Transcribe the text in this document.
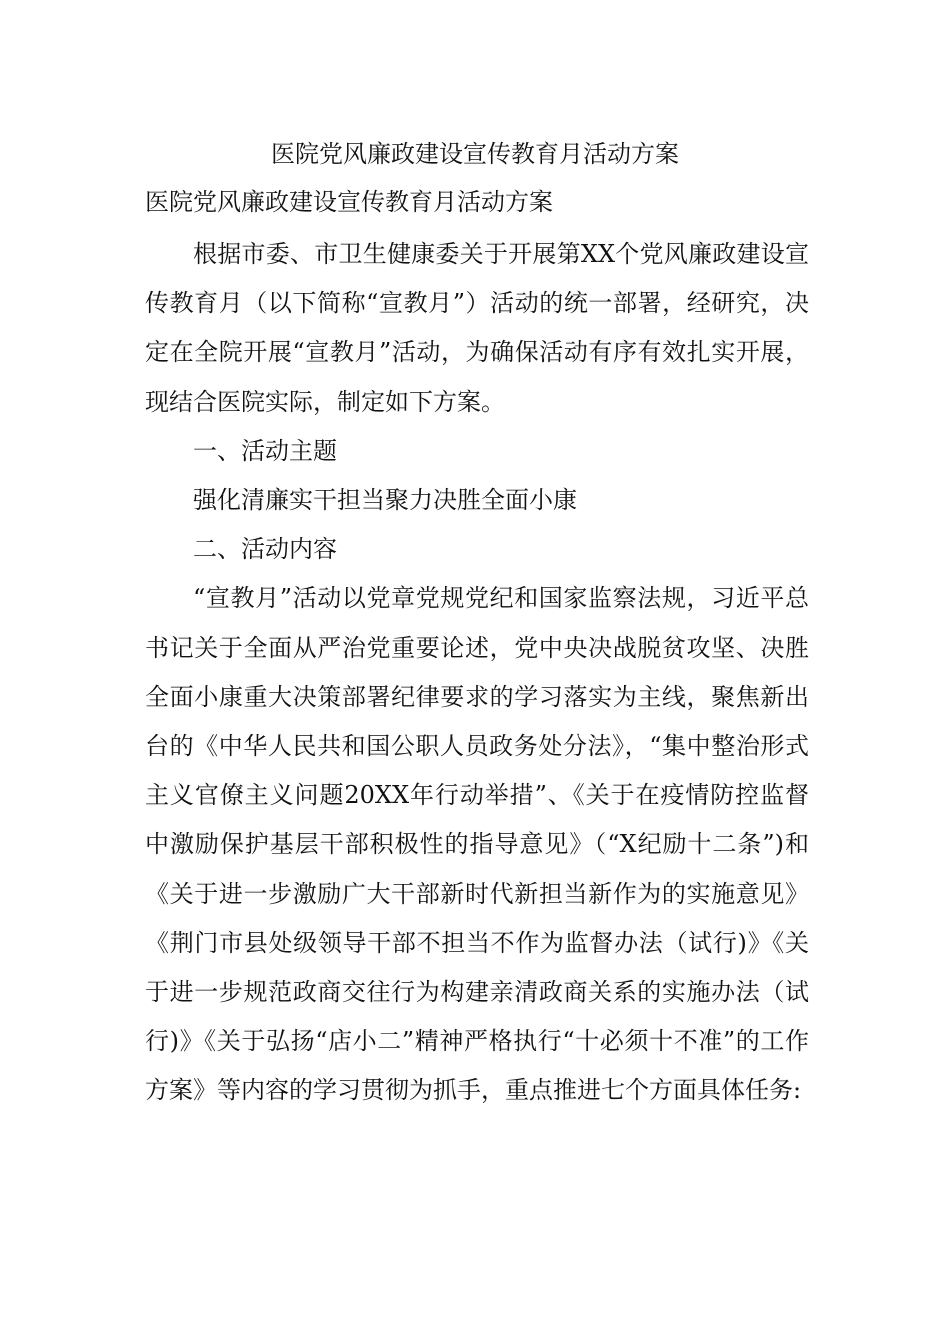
医院党风廉政建设宣传教育月活动方案
医院党风廉政建设宣传教育月活动方案

根据市委、市卫生健康委关于开展第XX个党风廉政建设宣传教育月（以下简称“宣教月”）活动的统一部署，经研究，决定在全院开展“宣教月”活动，为确保活动有序有效扎实开展，现结合医院实际，制定如下方案。

一、活动主题

强化清廉实干担当聚力决胜全面小康

二、活动内容

“宣教月”活动以党章党规党纪和国家监察法规，习近平总书记关于全面从严治党重要论述，党中央决战脱贫攻坚、决胜全面小康重大决策部署纪律要求的学习落实为主线，聚焦新出台的《中华人民共和国公职人员政务处分法》，“集中整治形式主义官僚主义问题20XX年行动举措”、《关于在疫情防控监督中激励保护基层干部积极性的指导意见》（“X纪励十二条”)和《关于进一步激励广大干部新时代新担当新作为的实施意见》《荆门市县处级领导干部不担当不作为监督办法（试行)》《关于进一步规范政商交往行为构建亲清政商关系的实施办法（试行)》《关于弘扬“店小二”精神严格执行“十必须十不准”的工作方案》等内容的学习贯彻为抓手，重点推进七个方面具体任务:
